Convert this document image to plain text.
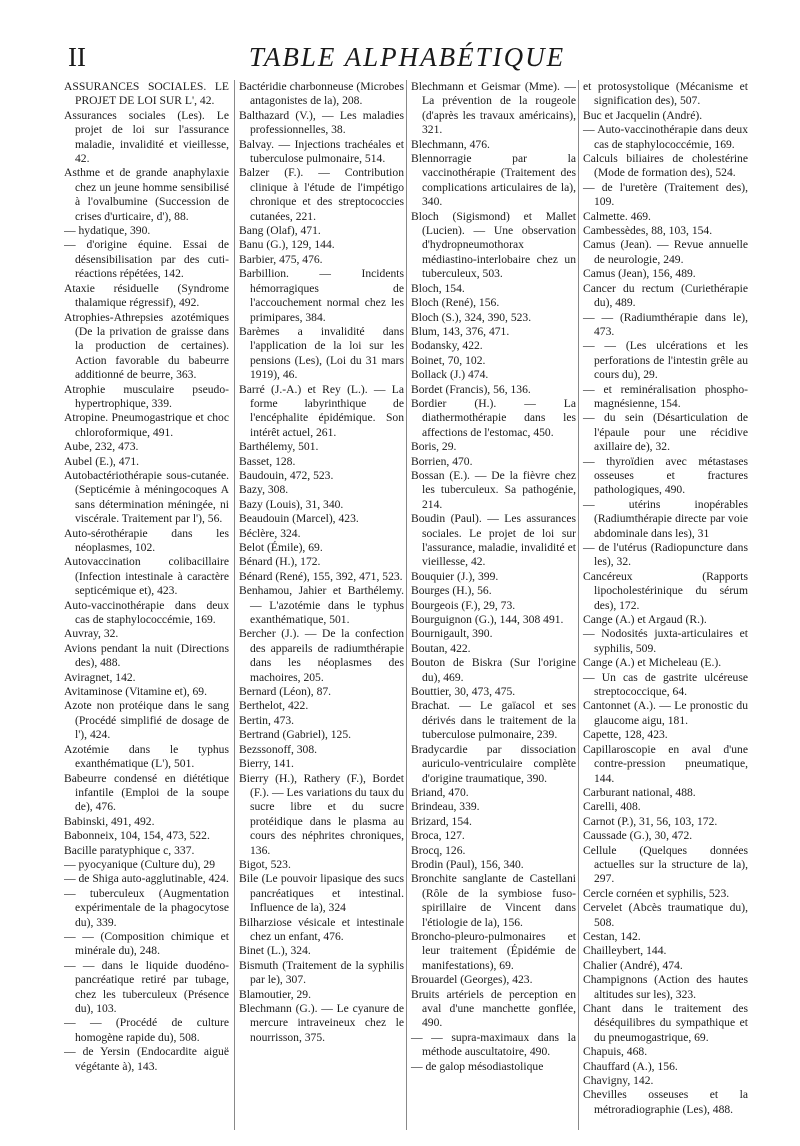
II	TABLE ALPHABÉTIQUE
ASSURANCES SOCIALES. LE PROJET DE LOI SUR L', 42.
Assurances sociales (Les). Le projet de loi sur l'assurance maladie, invalidité et vieillesse, 42.
Asthme et de grande anaphylaxie chez un jeune homme sensibilisé à l'ovalbumine (Succession de crises d'urticaire, d'), 88.
— hydatique, 390.
— d'origine équine. Essai de désensibilisation par des cuti-réactions répétées, 142.
Ataxie résiduelle (Syndrome thalamique régressif), 492.
Atrophies-Athrepsies azotémiques (De la privation de graisse dans la production de certaines). Action favorable du babeurre additionné de beurre, 363.
Atrophie musculaire pseudo-hypertrophique, 339.
Atropine. Pneumogastrique et choc chloroformique, 491.
Aube, 232, 473.
Aubel (E.), 471.
Autobactériothérapie sous-cutanée. (Septicémie à méningocoques A sans détermination méningée, ni viscérale. Traitement par l'), 56.
Auto-sérothérapie dans les néoplasmes, 102.
Autovaccination colibacillaire (Infection intestinale à caractère septicémique et), 423.
Auto-vaccinothérapie dans deux cas de staphylococcémie, 169.
Auvray, 32.
Avions pendant la nuit (Directions des), 488.
Aviragnet, 142.
Avitaminose (Vitamine et), 69.
Azote non protéique dans le sang (Procédé simplifié de dosage de l'), 424.
Azotémie dans le typhus exanthématique (L'), 501.
Babeurre condensé en diététique infantile (Emploi de la soupe de), 476.
Babinski, 491, 492.
Babonneix, 104, 154, 473, 522.
Bacille paratyphique c, 337.
— pyocyanique (Culture du), 29
— de Shiga auto-agglutinable, 424.
— tuberculeux (Augmentation expérimentale de la phagocytose du), 339.
— — (Composition chimique et minérale du), 248.
— — dans le liquide duodéno-pancréatique retiré par tubage, chez les tuberculeux (Présence du), 103.
— — (Procédé de culture homogène rapide du), 508.
— de Yersin (Endocardite aiguë végétante à), 143.
Bactéridie charbonneuse (Microbes antagonistes de la), 208.
Balthazard (V.), — Les maladies professionnelles, 38.
Balvay. — Injections trachéales et tuberculose pulmonaire, 514.
Balzer (F.). — Contribution clinique à l'étude de l'impétigo chronique et des streptococcies cutanées, 221.
Bang (Olaf), 471.
Banu (G.), 129, 144.
Barbier, 475, 476.
Barbillion. — Incidents hémorragiques de l'accouchement normal chez les primipares, 384.
Barèmes a invalidité dans l'application de la loi sur les pensions (Les), (Loi du 31 mars 1919), 46.
Barré (J.-A.) et Rey (L.). — La forme labyrinthique de l'encéphalite épidémique. Son intérêt actuel, 261.
Barthélemy, 501.
Basset, 128.
Baudouin, 472, 523.
Bazy, 308.
Bazy (Louis), 31, 340.
Beaudouin (Marcel), 423.
Béclère, 324.
Belot (Émile), 69.
Bénard (H.), 172.
Bénard (René), 155, 392, 471, 523.
Benhamou, Jahier et Barthélemy. — L'azotémie dans le typhus exanthématique, 501.
Bercher (J.). — De la confection des appareils de radiumthérapie dans les néoplasmes des machoires, 205.
Bernard (Léon), 87.
Berthelot, 422.
Bertin, 473.
Bertrand (Gabriel), 125.
Bezssonoff, 308.
Bierry, 141.
Bierry (H.), Rathery (F.), Bordet (F.). — Les variations du taux du sucre libre et du sucre protéidique dans le plasma au cours des néphrites chroniques, 136.
Bigot, 523.
Bile (Le pouvoir lipasique des sucs pancréatiques et intestinal. Influence de la), 324
Bilharziose vésicale et intestinale chez un enfant, 476.
Binet (L.), 324.
Bismuth (Traitement de la syphilis par le), 307.
Blamoutier, 29.
Blechmann (G.). — Le cyanure de mercure intraveineux chez le nourrisson, 375.
Blechmann et Geismar (Mme). — La prévention de la rougeole (d'après les travaux américains), 321.
Blechmann, 476.
Blennorragie par la vaccinothérapie (Traitement des complications articulaires de la), 340.
Bloch (Sigismond) et Mallet (Lucien). — Une observation d'hydropneumothorax médiastino-interlobaire chez un tuberculeux, 503.
Bloch, 154.
Bloch (René), 156.
Bloch (S.), 324, 390, 523.
Blum, 143, 376, 471.
Bodansky, 422.
Boinet, 70, 102.
Bollack (J.) 474.
Bordet (Francis), 56, 136.
Bordier (H.). — La diathermothérapie dans les affections de l'estomac, 450.
Boris, 29.
Borrien, 470.
Bossan (E.). — De la fièvre chez les tuberculeux. Sa pathogénie, 214.
Boudin (Paul). — Les assurances sociales. Le projet de loi sur l'assurance, maladie, invalidité et vieillesse, 42.
Bouquier (J.), 399.
Bourges (H.), 56.
Bourgeois (F.), 29, 73.
Bourguignon (G.), 144, 308 491.
Bournigault, 390.
Boutan, 422.
Bouton de Biskra (Sur l'origine du), 469.
Bouttier, 30, 473, 475.
Brachat. — Le gaïacol et ses dérivés dans le traitement de la tuberculose pulmonaire, 239.
Bradycardie par dissociation auriculo-ventriculaire complète d'origine traumatique, 390.
Briand, 470.
Brindeau, 339.
Brizard, 154.
Broca, 127.
Brocq, 126.
Brodin (Paul), 156, 340.
Bronchite sanglante de Castellani (Rôle de la symbiose fuso-spirillaire de Vincent dans l'étiologie de la), 156.
Broncho-pleuro-pulmonaires et leur traitement (Épidémie de manifestations), 69.
Brouardel (Georges), 423.
Bruits artériels de perception en aval d'une manchette gonflée, 490.
— — supra-maximaux dans la méthode auscultatoire, 490.
— de galop mésodiastolique
et protosystolique (Mécanisme et signification des), 507.
Buc et Jacquelin (André).
— Auto-vaccinothérapie dans deux cas de staphylococcémie, 169.
Calculs biliaires de cholestérine (Mode de formation des), 524.
— de l'uretère (Traitement des), 109.
Calmette. 469.
Cambessèdes, 88, 103, 154.
Camus (Jean). — Revue annuelle de neurologie, 249.
Camus (Jean), 156, 489.
Cancer du rectum (Curiethérapie du), 489.
— — (Radiumthérapie dans le), 473.
— — (Les ulcérations et les perforations de l'intestin grêle au cours du), 29.
— et reminéralisation phospho-magnésienne, 154.
— du sein (Désarticulation de l'épaule pour une récidive axillaire de), 32.
— thyroïdien avec métastases osseuses et fractures pathologiques, 490.
— utérins inopérables (Radiumthérapie directe par voie abdominale dans les), 31
— de l'utérus (Radiopuncture dans les), 32.
Cancéreux (Rapports lipocholestérinique du sérum des), 172.
Cange (A.) et Argaud (R.).
— Nodosités juxta-articulaires et syphilis, 509.
Cange (A.) et Micheleau (E.).
— Un cas de gastrite ulcéreuse streptococcique, 64.
Cantonnet (A.). — Le pronostic du glaucome aigu, 181.
Capette, 128, 423.
Capillaroscopie en aval d'une contre-pression pneumatique, 144.
Carburant national, 488.
Carelli, 408.
Carnot (P.), 31, 56, 103, 172.
Caussade (G.), 30, 472.
Cellule (Quelques données actuelles sur la structure de la), 297.
Cercle cornéen et syphilis, 523.
Cervelet (Abcès traumatique du), 508.
Cestan, 142.
Chailleybert, 144.
Chalier (André), 474.
Champignons (Action des hautes altitudes sur les), 323.
Chant dans le traitement des déséquilibres du sympathique et du pneumogastrique, 69.
Chapuis, 468.
Chauffard (A.), 156.
Chavigny, 142.
Chevilles osseuses et la métroradiographie (Les), 488.
